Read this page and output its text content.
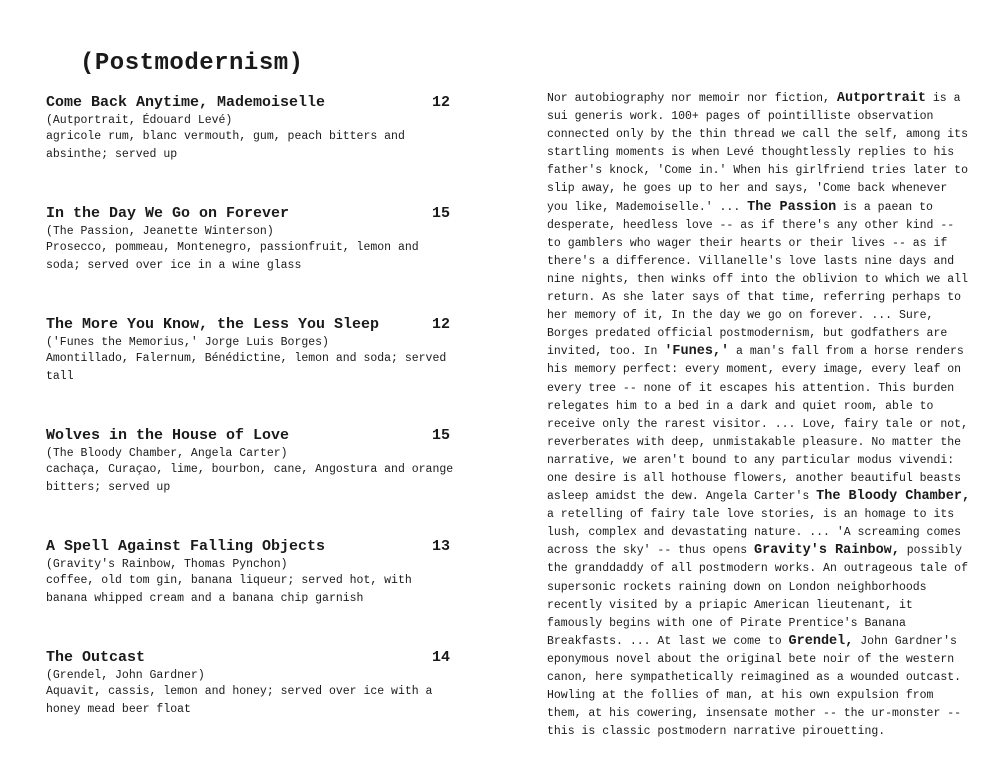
(Postmodernism)
Come Back Anytime, Mademoiselle	12
(Autportrait, Édouard Levé)
agricole rum, blanc vermouth, gum, peach bitters and absinthe; served up
In the Day We Go on Forever	15
(The Passion, Jeanette Winterson)
Prosecco, pommeau, Montenegro, passionfruit, lemon and soda; served over ice in a wine glass
The More You Know, the Less You Sleep	12
('Funes the Memorius,' Jorge Luis Borges)
Amontillado, Falernum, Bénédictine, lemon and soda; served tall
Wolves in the House of Love	15
(The Bloody Chamber, Angela Carter)
cachaça, Curaçao, lime, bourbon, cane, Angostura and orange bitters; served up
A Spell Against Falling Objects	13
(Gravity's Rainbow, Thomas Pynchon)
coffee, old tom gin, banana liqueur; served hot, with banana whipped cream and a banana chip garnish
The Outcast	14
(Grendel, John Gardner)
Aquavit, cassis, lemon and honey; served over ice with a honey mead beer float
Nor autobiography nor memoir nor fiction, Autportrait is a sui generis work. 100+ pages of pointilliste observation connected only by the thin thread we call the self, among its startling moments is when Levé thoughtlessly replies to his father's knock, 'Come in.' When his girlfriend tries later to slip away, he goes up to her and says, 'Come back whenever you like, Mademoiselle.' ... The Passion is a paean to desperate, heedless love -- as if there's any other kind -- to gamblers who wager their hearts or their lives -- as if there's a difference. Villanelle's love lasts nine days and nine nights, then winks off into the oblivion to which we all return. As she later says of that time, referring perhaps to her memory of it, In the day we go on forever. ... Sure, Borges predated official postmodernism, but godfathers are invited, too. In 'Funes,' a man's fall from a horse renders his memory perfect: every moment, every image, every leaf on every tree -- none of it escapes his attention. This burden relegates him to a bed in a dark and quiet room, able to receive only the rarest visitor. ... Love, fairy tale or not, reverberates with deep, unmistakable pleasure. No matter the narrative, we aren't bound to any particular modus vivendi: one desire is all hothouse flowers, another beautiful beasts asleep amidst the dew. Angela Carter's The Bloody Chamber, a retelling of fairy tale love stories, is an homage to its lush, complex and devastating nature. ... 'A screaming comes across the sky' -- thus opens Gravity's Rainbow, possibly the granddaddy of all postmodern works. An outrageous tale of supersonic rockets raining down on London neighborhoods recently visited by a priapic American lieutenant, it famously begins with one of Pirate Prentice's Banana Breakfasts. ... At last we come to Grendel, John Gardner's eponymous novel about the original bete noir of the western canon, here sympathetically reimagined as a wounded outcast. Howling at the follies of man, at his own expulsion from them, at his cowering, insensate mother -- the ur-monster -- this is classic postmodern narrative pirouetting.
